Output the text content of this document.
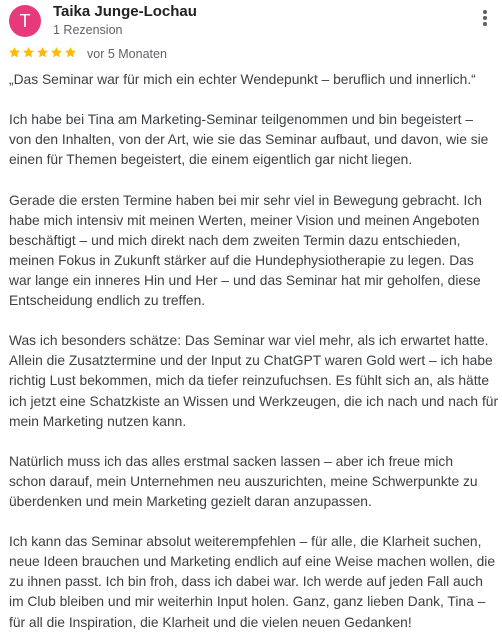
T	Taika Junge-Lochau
1 Rezension
vor 5 Monaten

„Das Seminar war für mich ein echter Wendepunkt – beruflich und innerlich.“

Ich habe bei Tina am Marketing-Seminar teilgenommen und bin begeistert –
von den Inhalten, von der Art, wie sie das Seminar aufbaut, und davon, wie sie
einen für Themen begeistert, die einem eigentlich gar nicht liegen.

Gerade die ersten Termine haben bei mir sehr viel in Bewegung gebracht. Ich
habe mich intensiv mit meinen Werten, meiner Vision und meinen Angeboten
beschäftigt – und mich direkt nach dem zweiten Termin dazu entschieden,
meinen Fokus in Zukunft stärker auf die Hundephysiotherapie zu legen. Das
war lange ein inneres Hin und Her – und das Seminar hat mir geholfen, diese
Entscheidung endlich zu treffen.

Was ich besonders schätze: Das Seminar war viel mehr, als ich erwartet hatte.
Allein die Zusatztermine und der Input zu ChatGPT waren Gold wert – ich habe
richtig Lust bekommen, mich da tiefer reinzufuchsen. Es fühlt sich an, als hätte
ich jetzt eine Schatzkiste an Wissen und Werkzeugen, die ich nach und nach für
mein Marketing nutzen kann.

Natürlich muss ich das alles erstmal sacken lassen – aber ich freue mich
schon darauf, mein Unternehmen neu auszurichten, meine Schwerpunkte zu
überdenken und mein Marketing gezielt daran anzupassen.

Ich kann das Seminar absolut weiterempfehlen – für alle, die Klarheit suchen,
neue Ideen brauchen und Marketing endlich auf eine Weise machen wollen, die
zu ihnen passt. Ich bin froh, dass ich dabei war. Ich werde auf jeden Fall auch
im Club bleiben und mir weiterhin Input holen. Ganz, ganz lieben Dank, Tina –
für all die Inspiration, die Klarheit und die vielen neuen Gedanken!
